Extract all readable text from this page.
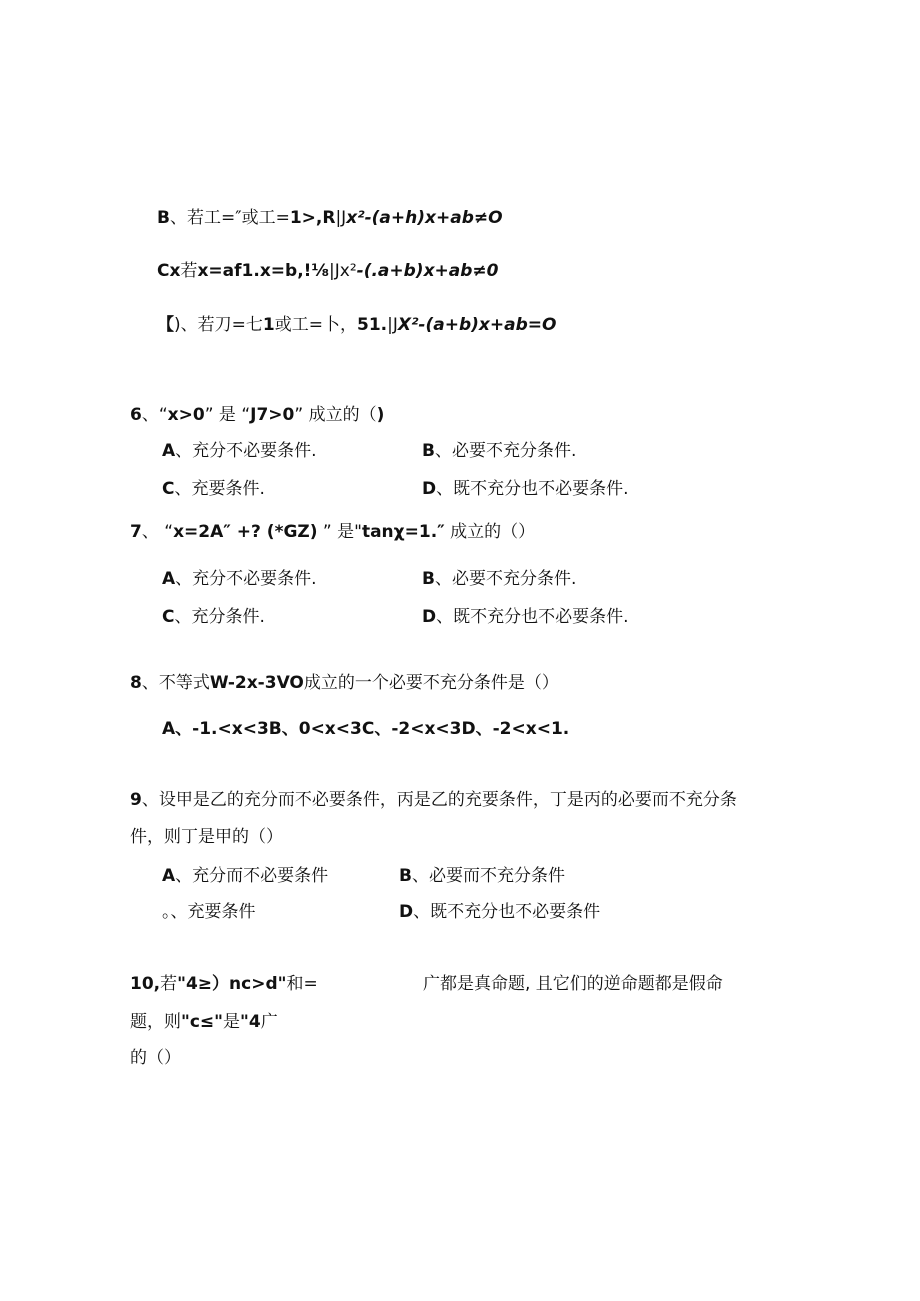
B、若工=″或工=1>,R|Jx²-(a+h)x+ab≠O
Cx若x=af1.x=b,!⅛|Jx²-(.a+b)x+ab≠0
【)、若刀=七1或工=卜，51.|JX²-(a+b)x+ab=O
6、“x>0” 是 “J7>0” 成立的（)
A、充分不必要条件.	B、必要不充分条件.
C、充要条件.	D、既不充分也不必要条件.
7、 “x=2A″ +? (*GZ) ” 是"tanχ=1.″ 成立的（）
A、充分不必要条件.	B、必要不充分条件.
C、充分条件.	D、既不充分也不必要条件.
8、不等式W-2x-3VO成立的一个必要不充分条件是（）
A、-1.<x<3B、0<x<3C、-2<x<3D、-2<x<1.
9、设甲是乙的充分而不必要条件，丙是乙的充要条件，丁是丙的必要而不充分条
件，则丁是甲的（）
A、充分而不必要条件	B、必要而不充分条件
。、充要条件	D、既不充分也不必要条件
10,若"4≥）nc>d"和=	广都是真命题, 且它们的逆命题都是假命
题，则"c≤"是"4广
的（）
